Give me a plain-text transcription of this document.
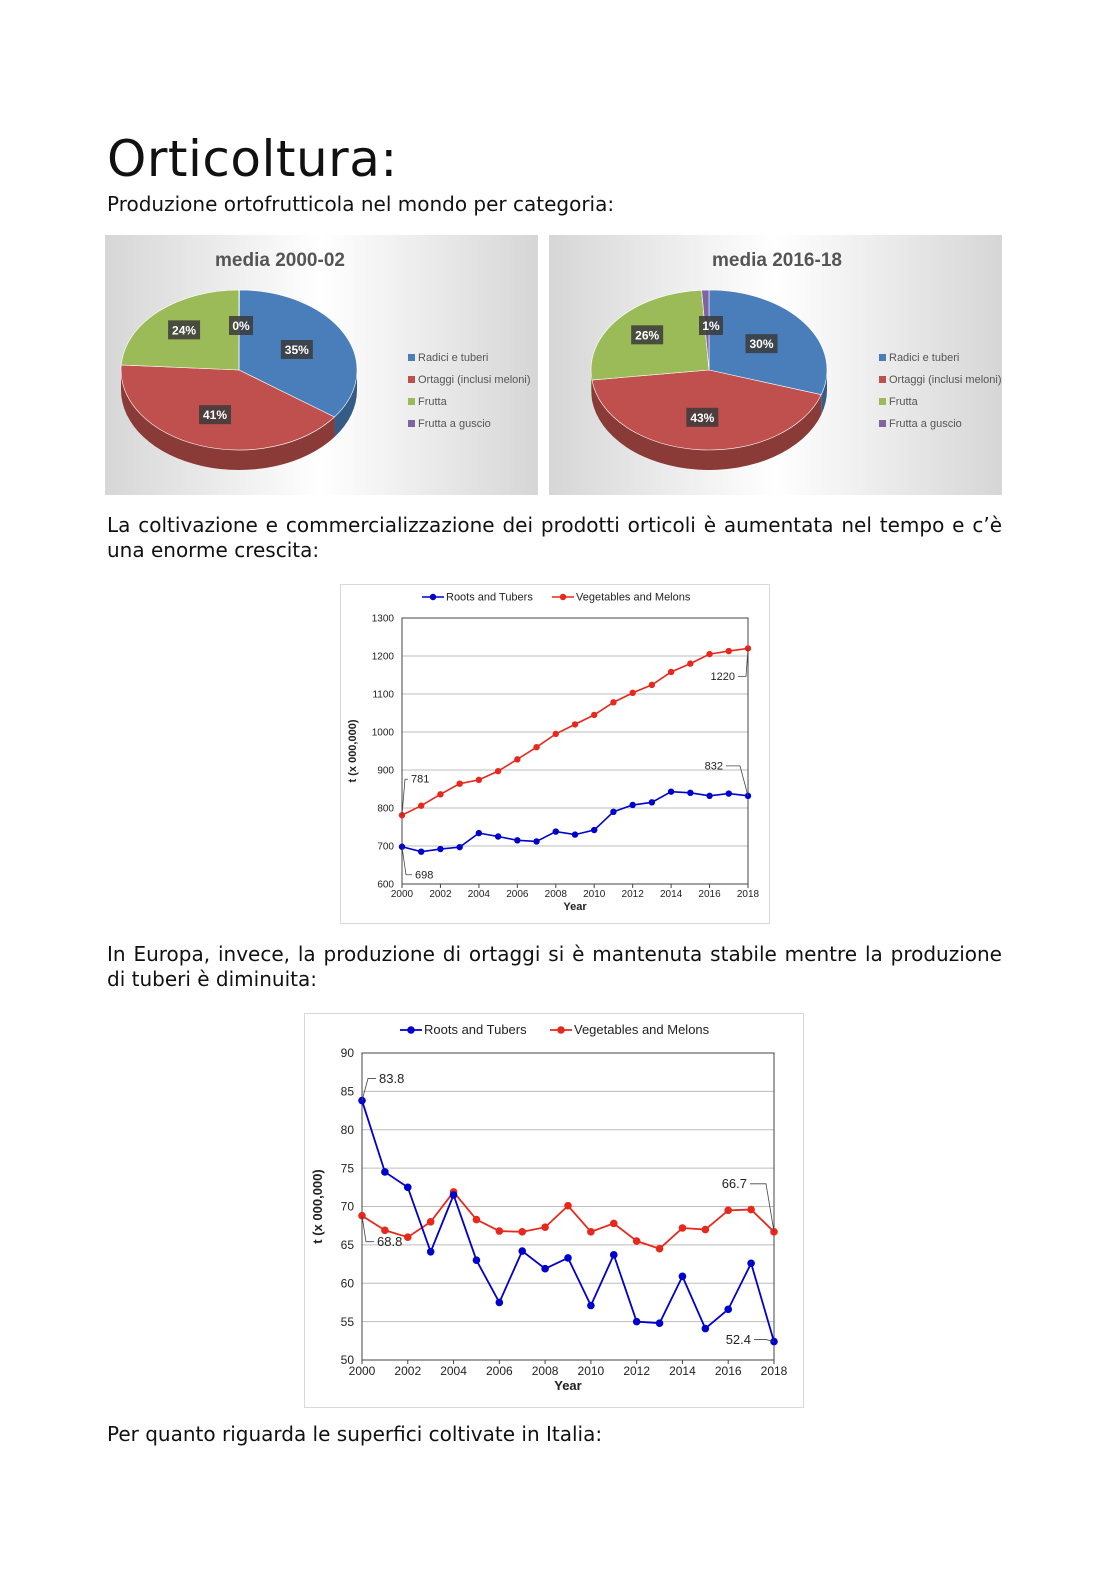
Orticoltura:

Produzione ortofrutticola nel mondo per categoria:

media 2000-02
35%
41%
24%	0%
Radici e tuberi
Ortaggi (inclusi meloni)
Frutta
Frutta a guscio
media 2016-18
30%
43%
26%
1%
Radici e tuberi
Ortaggi (inclusi meloni)
Frutta
Frutta a guscio

La coltivazione e commercializzazione dei prodotti orticoli è aumentata nel tempo e c’è una enorme crescita:

600
700
800
900
1000
1100
1200
1300
2000 2002 2004 2006 2008 2010 2012 2014 2016 2018
Year
t (x 000,000)
Roots and Tubers	Vegetables and Melons
781
1220
698
832

In Europa, invece, la produzione di ortaggi si è mantenuta stabile mentre la produzione di tuberi è diminuita:

50
55
60
65
70
75
80
85
90
2000 2002 2004 2006 2008 2010 2012 2014 2016 2018
Year
t (x 000,000)
Roots and Tubers	Vegetables and Melons
83.8
68.8
66.7
52.4

Per quanto riguarda le superfici coltivate in Italia:
